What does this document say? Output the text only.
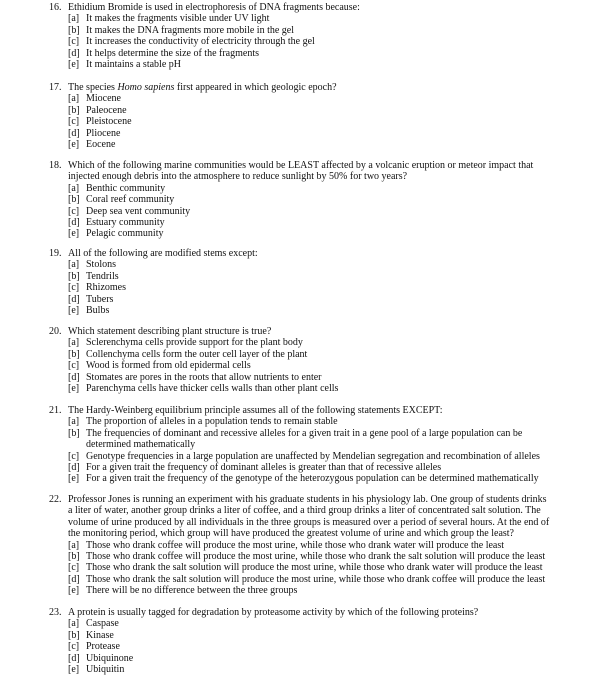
16. Ethidium Bromide is used in electrophoresis of DNA fragments because:
[a] It makes the fragments visible under UV light
[b] It makes the DNA fragments more mobile in the gel
[c] It increases the conductivity of electricity through the gel
[d] It helps determine the size of the fragments
[e] It maintains a stable pH
17. The species Homo sapiens first appeared in which geologic epoch?
[a] Miocene
[b] Paleocene
[c] Pleistocene
[d] Pliocene
[e] Eocene
18. Which of the following marine communities would be LEAST affected by a volcanic eruption or meteor impact that
injected enough debris into the atmosphere to reduce sunlight by 50% for two years?
[a] Benthic community
[b] Coral reef community
[c] Deep sea vent community
[d] Estuary community
[e] Pelagic community
19. All of the following are modified stems except:
[a] Stolons
[b] Tendrils
[c] Rhizomes
[d] Tubers
[e] Bulbs
20. Which statement describing plant structure is true?
[a] Sclerenchyma cells provide support for the plant body
[b] Collenchyma cells form the outer cell layer of the plant
[c] Wood is formed from old epidermal cells
[d] Stomates are pores in the roots that allow nutrients to enter
[e] Parenchyma cells have thicker cells walls than other plant cells
21. The Hardy-Weinberg equilibrium principle assumes all of the following statements EXCEPT:
[a] The proportion of alleles in a population tends to remain stable
[b] The frequencies of dominant and recessive alleles for a given trait in a gene pool of a large population can be
determined mathematically
[c] Genotype frequencies in a large population are unaffected by Mendelian segregation and recombination of alleles
[d] For a given trait the frequency of dominant alleles is greater than that of recessive alleles
[e] For a given trait the frequency of the genotype of the heterozygous population can be determined mathematically
22. Professor Jones is running an experiment with his graduate students in his physiology lab. One group of students drinks
a liter of water, another group drinks a liter of coffee, and a third group drinks a liter of concentrated salt solution. The
volume of urine produced by all individuals in the three groups is measured over a period of several hours. At the end of
the monitoring period, which group will have produced the greatest volume of urine and which group the least?
[a] Those who drank coffee will produce the most urine, while those who drank water will produce the least
[b] Those who drank coffee will produce the most urine, while those who drank the salt solution will produce the least
[c] Those who drank the salt solution will produce the most urine, while those who drank water will produce the least
[d] Those who drank the salt solution will produce the most urine, while those who drank coffee will produce the least
[e] There will be no difference between the three groups
23. A protein is usually tagged for degradation by proteasome activity by which of the following proteins?
[a] Caspase
[b] Kinase
[c] Protease
[d] Ubiquinone
[e] Ubiquitin
